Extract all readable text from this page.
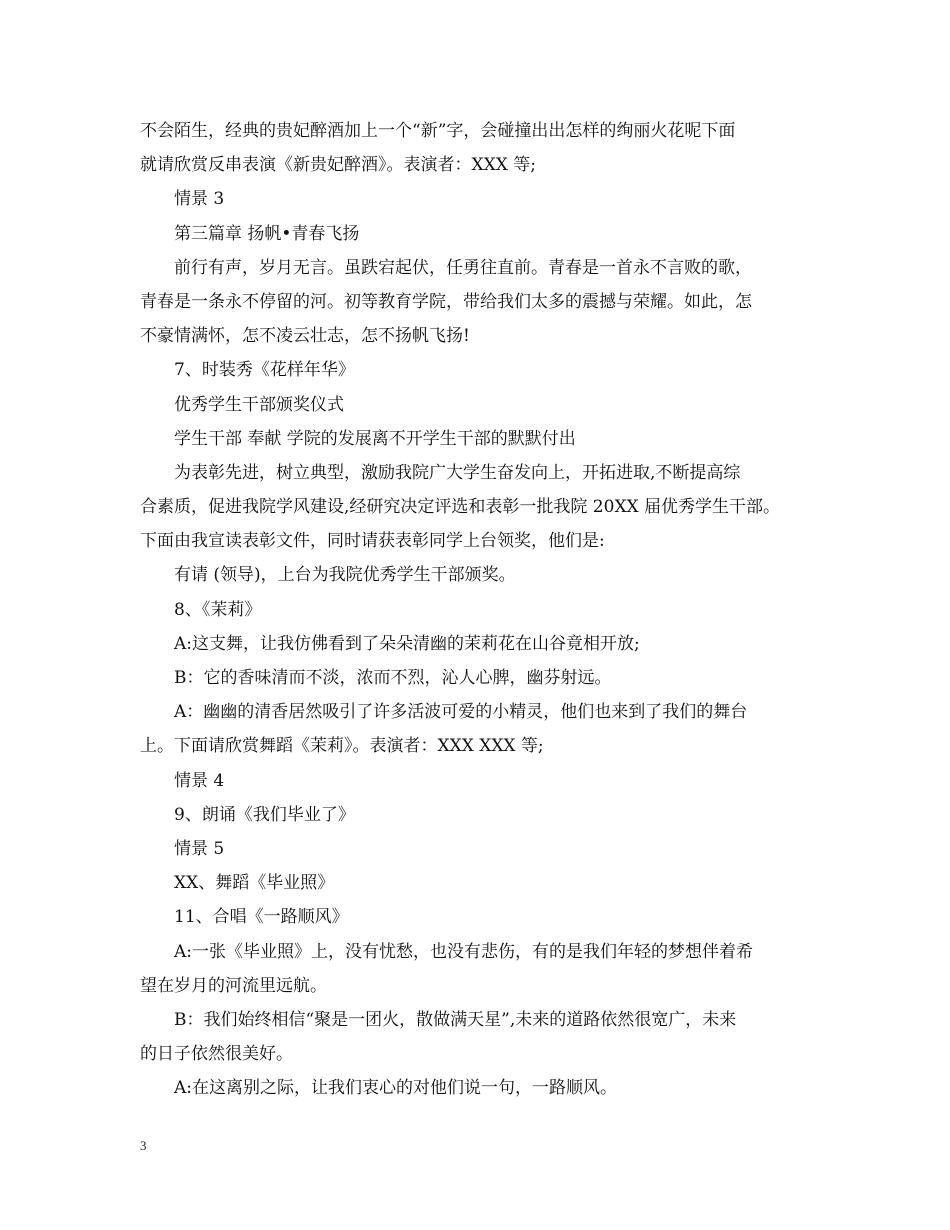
不会陌生，经典的贵妃醉酒加上一个“新”字，会碰撞出出怎样的绚丽火花呢下面
就请欣赏反串表演《新贵妃醉酒》。表演者：XXX 等;
情景 3
第三篇章 扬帆•青春飞扬
前行有声，岁月无言。虽跌宕起伏，任勇往直前。青春是一首永不言败的歌，
青春是一条永不停留的河。初等教育学院，带给我们太多的震撼与荣耀。如此，怎
不豪情满怀，怎不凌云壮志，怎不扬帆飞扬!
7、时装秀《花样年华》
优秀学生干部颁奖仪式
学生干部 奉献 学院的发展离不开学生干部的默默付出
为表彰先进，树立典型，激励我院广大学生奋发向上，开拓进取,不断提高综
合素质，促进我院学风建设,经研究决定评选和表彰一批我院 20XX 届优秀学生干部。
下面由我宣读表彰文件，同时请获表彰同学上台领奖，他们是:
有请 (领导)，上台为我院优秀学生干部颁奖。
8、《茉莉》
A:这支舞，让我仿佛看到了朵朵清幽的茉莉花在山谷竟相开放;
B：它的香味清而不淡，浓而不烈，沁人心脾，幽芬射远。
A：幽幽的清香居然吸引了许多活波可爱的小精灵，他们也来到了我们的舞台
上。下面请欣赏舞蹈《茉莉》。表演者：XXX XXX 等;
情景 4
9、朗诵《我们毕业了》
情景 5
XX、舞蹈《毕业照》
11、合唱《一路顺风》
A:一张《毕业照》上，没有忧愁，也没有悲伤，有的是我们年轻的梦想伴着希
望在岁月的河流里远航。
B：我们始终相信“聚是一团火，散做满天星”,未来的道路依然很宽广，未来
的日子依然很美好。
A:在这离别之际，让我们衷心的对他们说一句，一路顺风。
3
